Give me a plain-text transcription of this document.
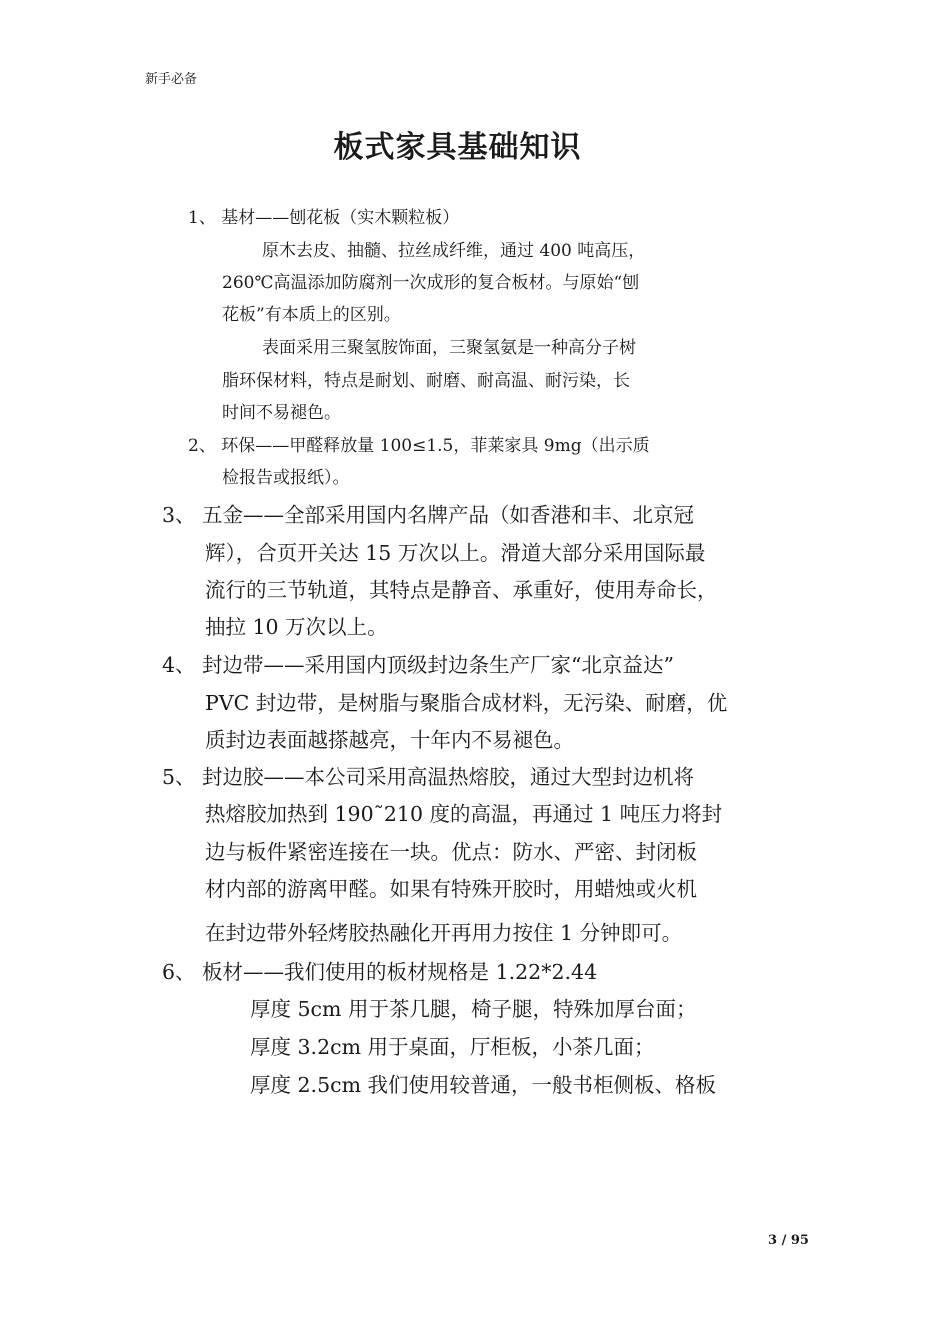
新手必备
板式家具基础知识
1、 基材——刨花板（实木颗粒板）
原木去皮、抽髓、拉丝成纤维，通过 400 吨高压，
260℃高温添加防腐剂一次成形的复合板材。与原始“刨
花板”有本质上的区别。
表面采用三聚氢胺饰面，三聚氢氨是一种高分子树
脂环保材料，特点是耐划、耐磨、耐高温、耐污染，长
时间不易褪色。
2、 环保——甲醛释放量 100≤1.5，菲莱家具 9mg（出示质
检报告或报纸）。
3、 五金——全部采用国内名牌产品（如香港和丰、北京冠
辉），合页开关达 15 万次以上。滑道大部分采用国际最
流行的三节轨道，其特点是静音、承重好，使用寿命长，
抽拉 10 万次以上。
4、 封边带——采用国内顶级封边条生产厂家“北京益达”
PVC 封边带，是树脂与聚脂合成材料，无污染、耐磨，优
质封边表面越搽越亮，十年内不易褪色。
5、 封边胶——本公司采用高温热熔胶，通过大型封边机将
热熔胶加热到 190˜210 度的高温，再通过 1 吨压力将封
边与板件紧密连接在一块。优点：防水、严密、封闭板
材内部的游离甲醛。如果有特殊开胶时，用蜡烛或火机
在封边带外轻烤胶热融化开再用力按住 1 分钟即可。
6、 板材——我们使用的板材规格是 1.22*2.44
厚度 5cm 用于茶几腿，椅子腿，特殊加厚台面；
厚度 3.2cm 用于桌面，厅柜板，小茶几面；
厚度 2.5cm 我们使用较普通，一般书柜侧板、格板
3 / 95
